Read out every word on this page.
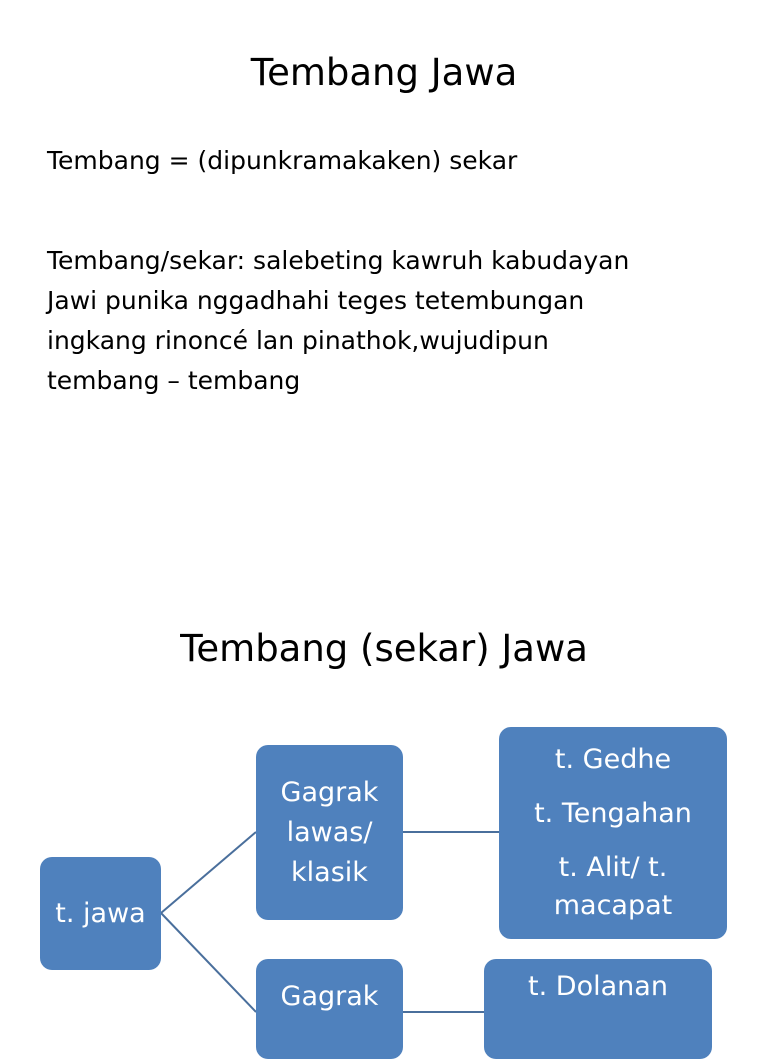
Tembang Jawa
Tembang = (dipunkramakaken) sekar
Tembang/sekar: salebeting kawruh kabudayan
Jawi punika nggadhahi teges tetembungan
ingkang rinoncé lan pinathok,wujudipun
tembang – tembang
Tembang (sekar) Jawa
t. jawa
Gagrak
lawas/
klasik
t. Gedhe
t. Tengahan
t. Alit/ t.
macapat
Gagrak	t. Dolanan
